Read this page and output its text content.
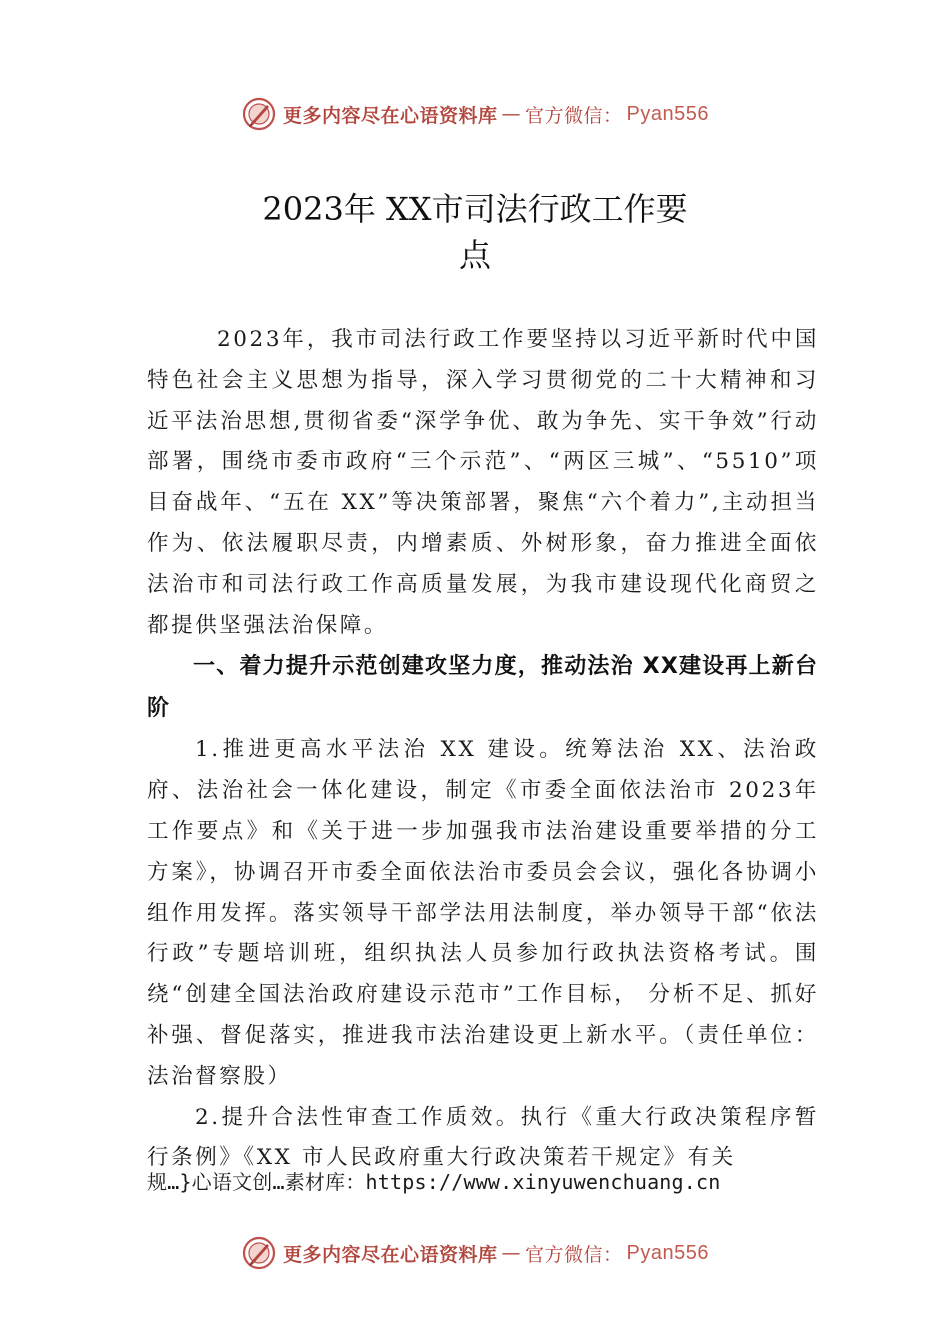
更多内容尽在心语资料库 — 官方微信： Pyan556
2023年 XX市司法行政工作要
点

2023年，我市司法行政工作要坚持以习近平新时代中国特色社会主义思想为指导，深入学习贯彻党的二十大精神和习近平法治思想,贯彻省委“深学争优、敢为争先、实干争效”行动部署，围绕市委市政府“三个示范”、“两区三城”、“5510”项目奋战年、“五在 XX”等决策部署，聚焦“六个着力”,主动担当作为、依法履职尽责，内增素质、外树形象，奋力推进全面依法治市和司法行政工作高质量发展，为我市建设现代化商贸之都提供坚强法治保障。

一、着力提升示范创建攻坚力度，推动法治 XX建设再上新台阶

1.推进更高水平法治 XX 建设。统筹法治 XX、法治政府、法治社会一体化建设，制定《市委全面依法治市 2023年工作要点》和《关于进一步加强我市法治建设重要举措的分工方案》，协调召开市委全面依法治市委员会会议，强化各协调小组作用发挥。落实领导干部学法用法制度，举办领导干部“依法行政”专题培训班，组织执法人员参加行政执法资格考试。围绕“创建全国法治政府建设示范市”工作目标， 分析不足、抓好补强、督促落实，推进我市法治建设更上新水平。（责任单位：法治督察股）

2.提升合法性审查工作质效。执行《重大行政决策程序暂行条例》《XX 市人民政府重大行政决策若干规定》有关

规…}心语文创…素材库：https://www.xinyuwenchuang.cn
更多内容尽在心语资料库 — 官方微信： Pyan556
